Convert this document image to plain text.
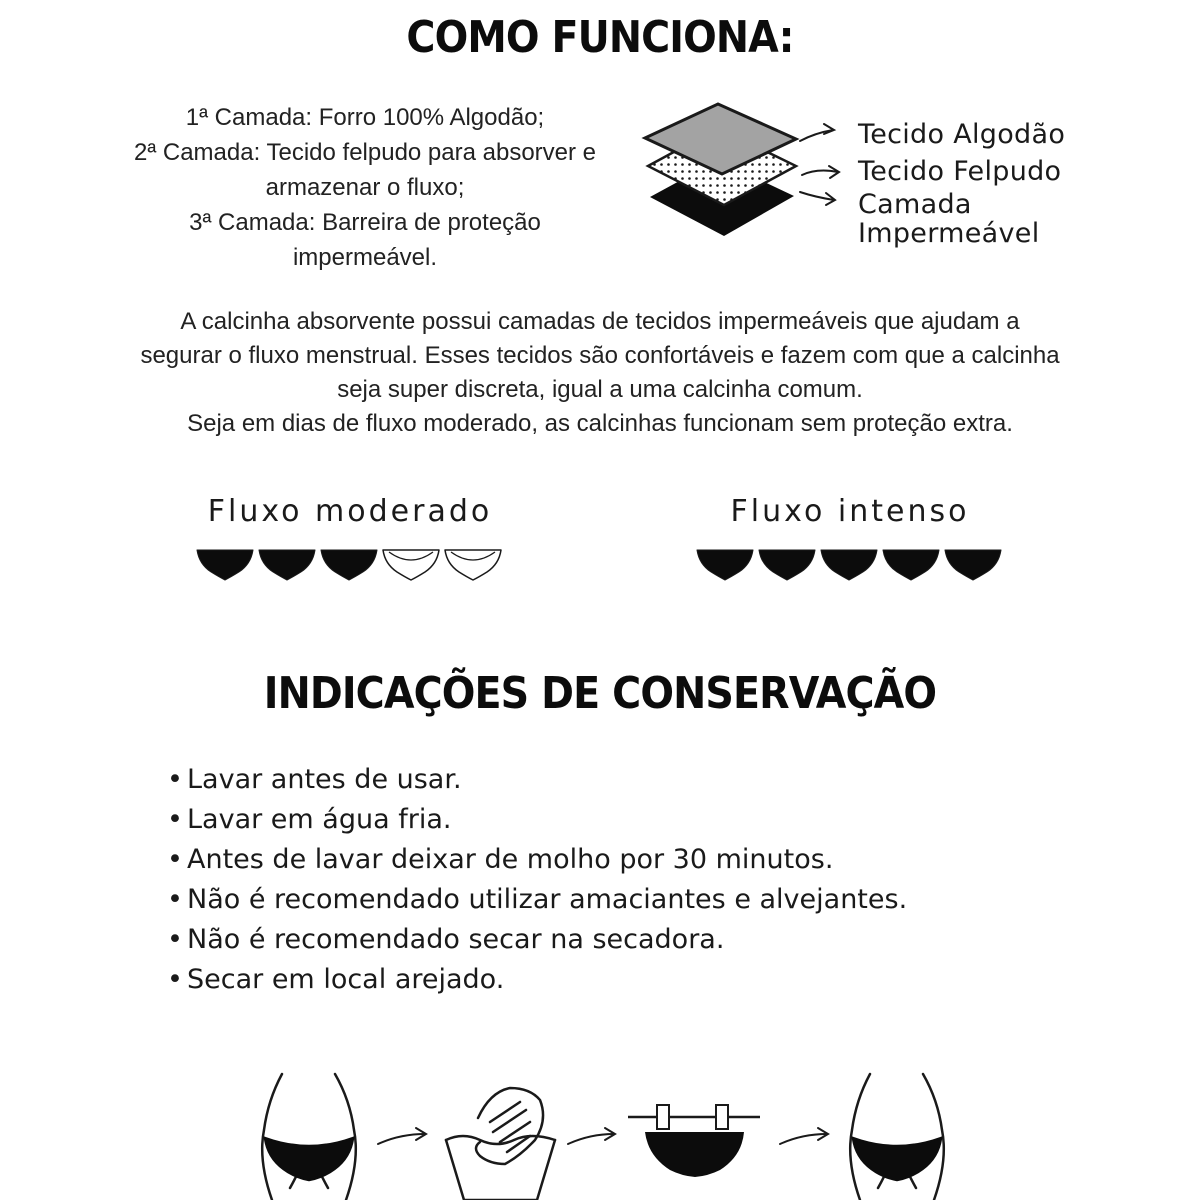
COMO FUNCIONA:
1ª Camada: Forro 100% Algodão;
2ª Camada: Tecido felpudo para absorver e
armazenar o fluxo;
3ª Camada: Barreira de proteção
impermeável.
Tecido Algodão
Tecido Felpudo
Camada
Impermeável
A calcinha absorvente possui camadas de tecidos impermeáveis que ajudam a
segurar o fluxo menstrual. Esses tecidos são confortáveis e fazem com que a calcinha
seja super discreta, igual a uma calcinha comum.
Seja em dias de fluxo moderado, as calcinhas funcionam sem proteção extra.
Fluxo moderado	Fluxo intenso
INDICAÇÕES DE CONSERVAÇÃO
• Lavar antes de usar.
• Lavar em água fria.
• Antes de lavar deixar de molho por 30 minutos.
• Não é recomendado utilizar amaciantes e alvejantes.
• Não é recomendado secar na secadora.
• Secar em local arejado.
